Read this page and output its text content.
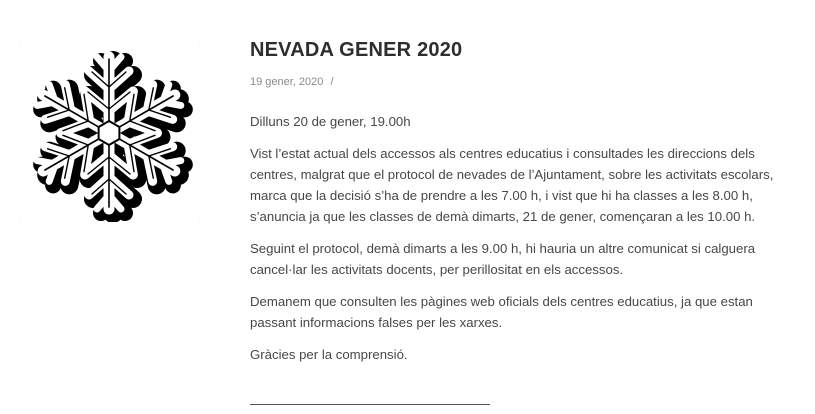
NEVADA GENER 2020
19 gener, 2020 /

Dilluns 20 de gener, 19.00h

Vist l’estat actual dels accessos als centres educatius i consultades les direccions dels centres, malgrat que el protocol de nevades de l’Ajuntament, sobre les activitats escolars, marca que la decisió s’ha de prendre a les 7.00 h, i vist que hi ha classes a les 8.00 h, s’anuncia ja que les classes de demà dimarts, 21 de gener, començaran a les 10.00 h.

Seguint el protocol, demà dimarts a les 9.00 h, hi hauria un altre comunicat si calguera cancel·lar les activitats docents, per perillositat en els accessos.

Demanem que consulten les pàgines web oficials dels centres educatius, ja que estan passant informacions falses per les xarxes.

Gràcies per la comprensió.
